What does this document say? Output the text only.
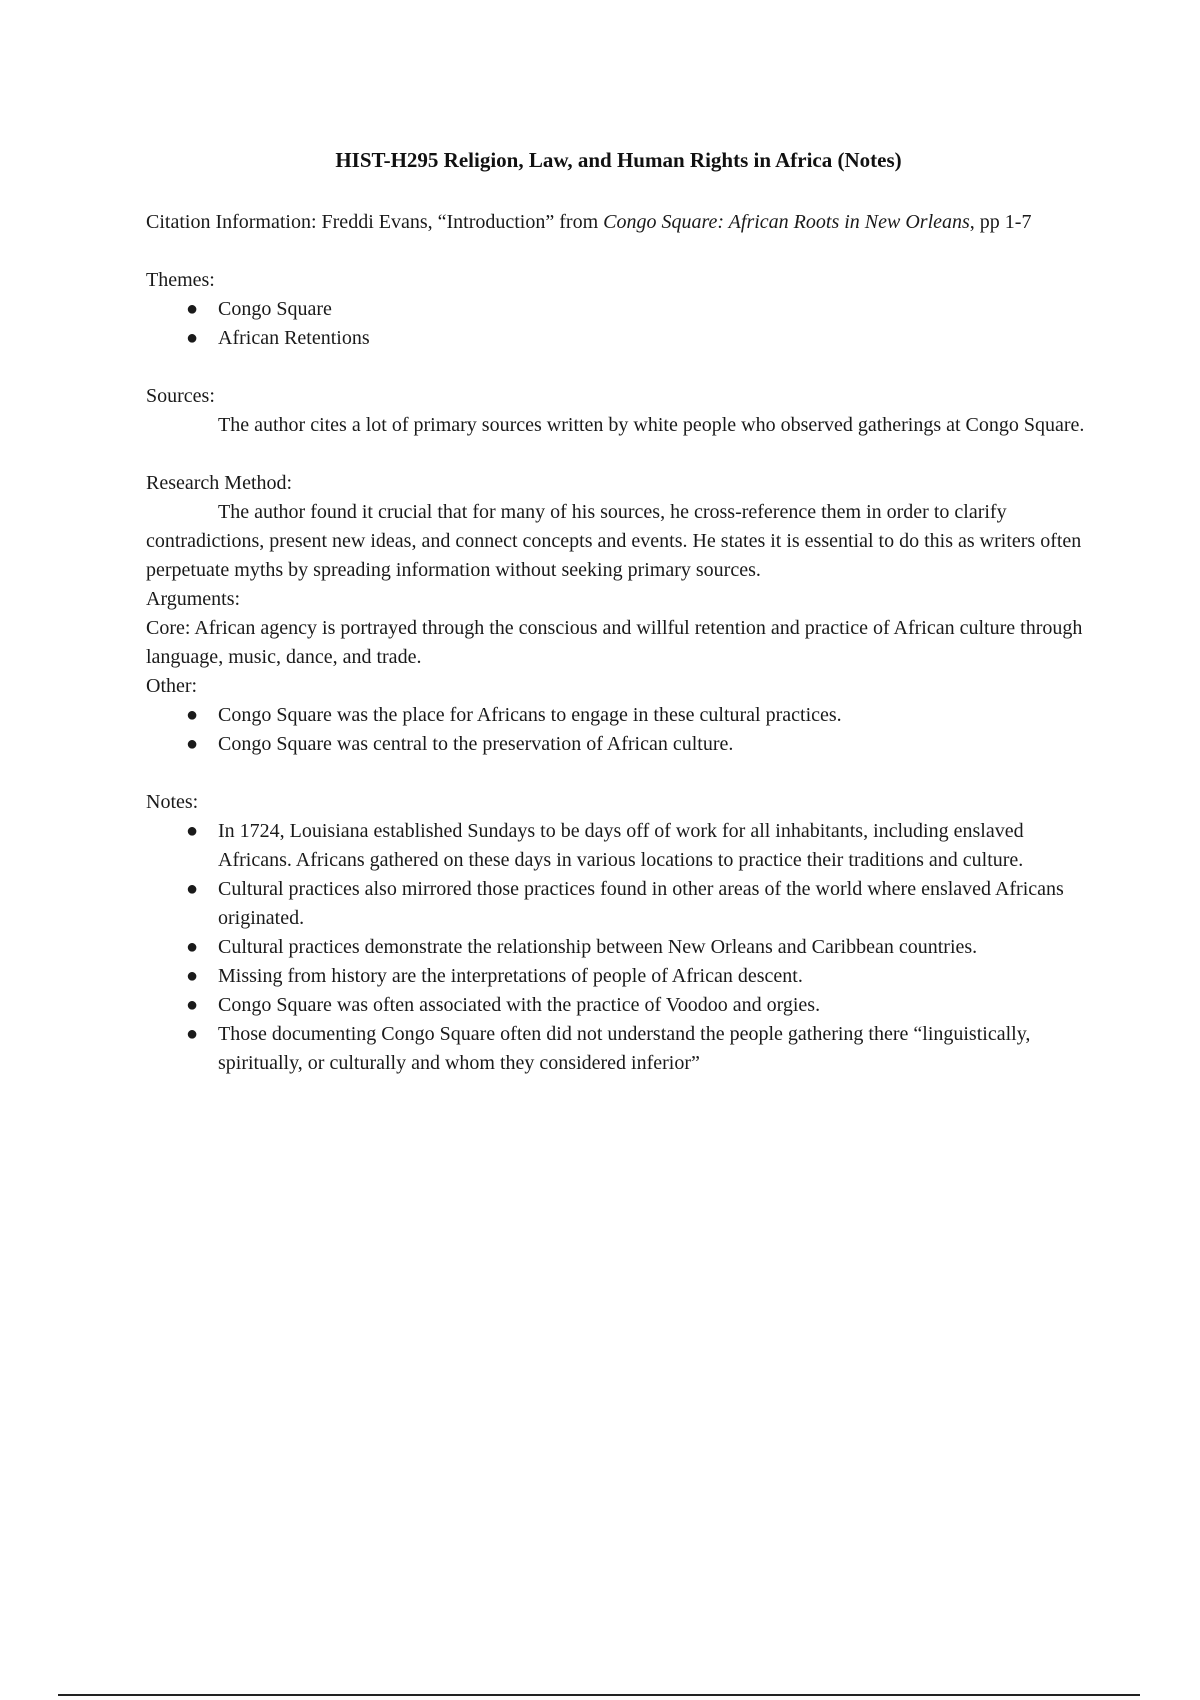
HIST-H295 Religion, Law, and Human Rights in Africa (Notes)

Citation Information: Freddi Evans, “Introduction” from Congo Square: African Roots in New Orleans, pp 1-7

Themes:

● Congo Square
● African Retentions

Sources:

The author cites a lot of primary sources written by white people who observed gatherings at Congo Square.

Research Method:

The author found it crucial that for many of his sources, he cross-reference them in order to clarify contradictions, present new ideas, and connect concepts and events. He states it is essential to do this as writers often perpetuate myths by spreading information without seeking primary sources.

Arguments:

Core: African agency is portrayed through the conscious and willful retention and practice of African culture through language, music, dance, and trade.

Other:

● Congo Square was the place for Africans to engage in these cultural practices.
● Congo Square was central to the preservation of African culture.

Notes:

● In 1724, Louisiana established Sundays to be days off of work for all inhabitants, including enslaved Africans. Africans gathered on these days in various locations to practice their traditions and culture.
● Cultural practices also mirrored those practices found in other areas of the world where enslaved Africans originated.
● Cultural practices demonstrate the relationship between New Orleans and Caribbean countries.
● Missing from history are the interpretations of people of African descent.
● Congo Square was often associated with the practice of Voodoo and orgies.
● Those documenting Congo Square often did not understand the people gathering there “linguistically, spiritually, or culturally and whom they considered inferior”
